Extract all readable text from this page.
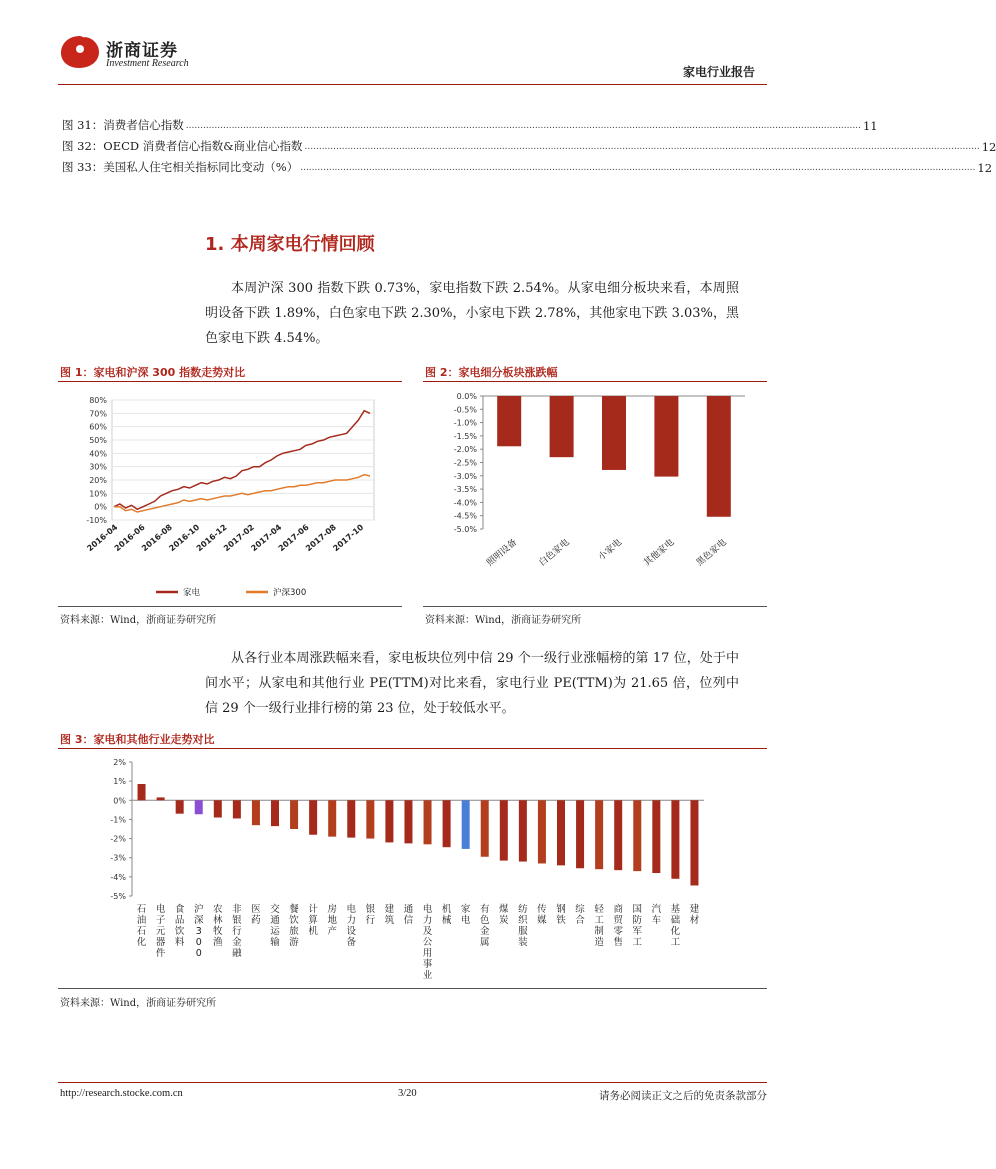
浙商证券
Investment Research
家电行业报告
图 31：消费者信心指数 ............................................................................................................................................................................................................................................ 11
图 32：OECD 消费者信心指数&商业信心指数 ............................................................................................................................................................................................................................................ 12
图 33：美国私人住宅相关指标同比变动（%） ............................................................................................................................................................................................................................................ 12
1. 本周家电行情回顾

本周沪深 300 指数下跌 0.73%，家电指数下跌 2.54%。从家电细分板块来看，本周照明设备下跌 1.89%，白色家电下跌 2.30%，小家电下跌 2.78%，其他家电下跌 3.03%，黑色家电下跌 4.54%。

图 1：家电和沪深 300 指数走势对比
80%
70%
60%
50%
40%
30%
20%
10%
0%
-10%
2016-04
2016-06
2016-08
2016-10
2016-12
2017-02
2017-04
2017-06
2017-08
2017-10
家电	沪深300
资料来源：Wind，浙商证券研究所
图 2：家电细分板块涨跌幅
0.0%
-0.5%
-1.0%
-1.5%
-2.0%
-2.5%
-3.0%
-3.5%
-4.0%
-4.5%
-5.0%
照明设备 白色家电	小家电 其他家电 黑色家电
资料来源：Wind，浙商证券研究所

从各行业本周涨跌幅来看，家电板块位列中信 29 个一级行业涨幅榜的第 17 位，处于中间水平；从家电和其他行业 PE(TTM)对比来看，家电行业 PE(TTM)为 21.65 倍，位列中信 29 个一级行业排行榜的第 23 位，处于较低水平。

图 3：家电和其他行业走势对比
2%
1%
0%
-1%
-2%
-3%
-4%
-5%
石
油
石
化
电
子
元
器
件
食
品
饮
料
沪
深
3
0
0
农
林
牧
渔
非
银
行
金
融
医
药
交
通
运
输
餐
饮
旅
游
计
算
机
房
地
产
电
力
设
备
银
行
建
筑
通
信
电
力
及
公
用
事
业
机
械
家
电
有
色
金
属
煤
炭
纺
织
服
装
传
媒
钢
铁
综
合
轻
工
制
造
商
贸
零
售
国
防
军
工
汽
车
基
础
化
工
建
材
资料来源：Wind，浙商证券研究所
http://research.stocke.com.cn	3/20	请务必阅读正文之后的免责条款部分
